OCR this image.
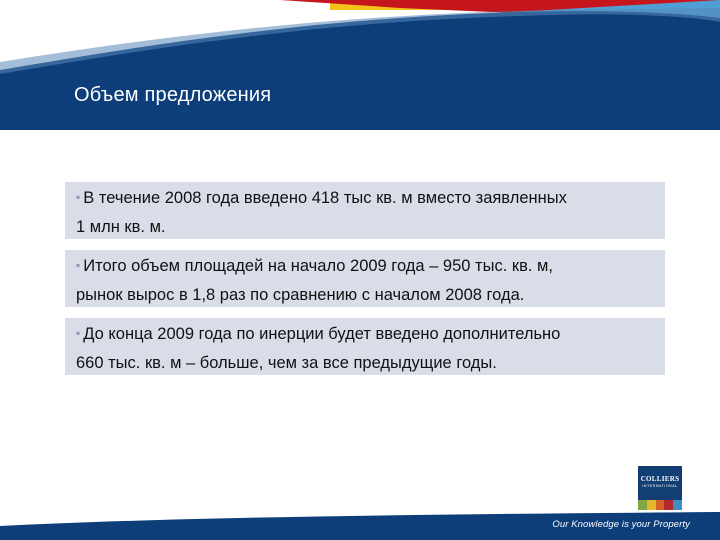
Объем предложения
▪ В течение 2008 года введено 418 тыс кв. м вместо заявленных
1 млн кв. м.
▪ Итого объем площадей на начало 2009 года – 950 тыс. кв. м,
рынок вырос в 1,8 раз по сравнению с началом 2008 года.
▪ До конца 2009 года по инерции будет введено дополнительно
660 тыс. кв. м – больше, чем за все предыдущие годы.
COLLIERS
INTERNATIONAL
Our Knowledge is your Property
